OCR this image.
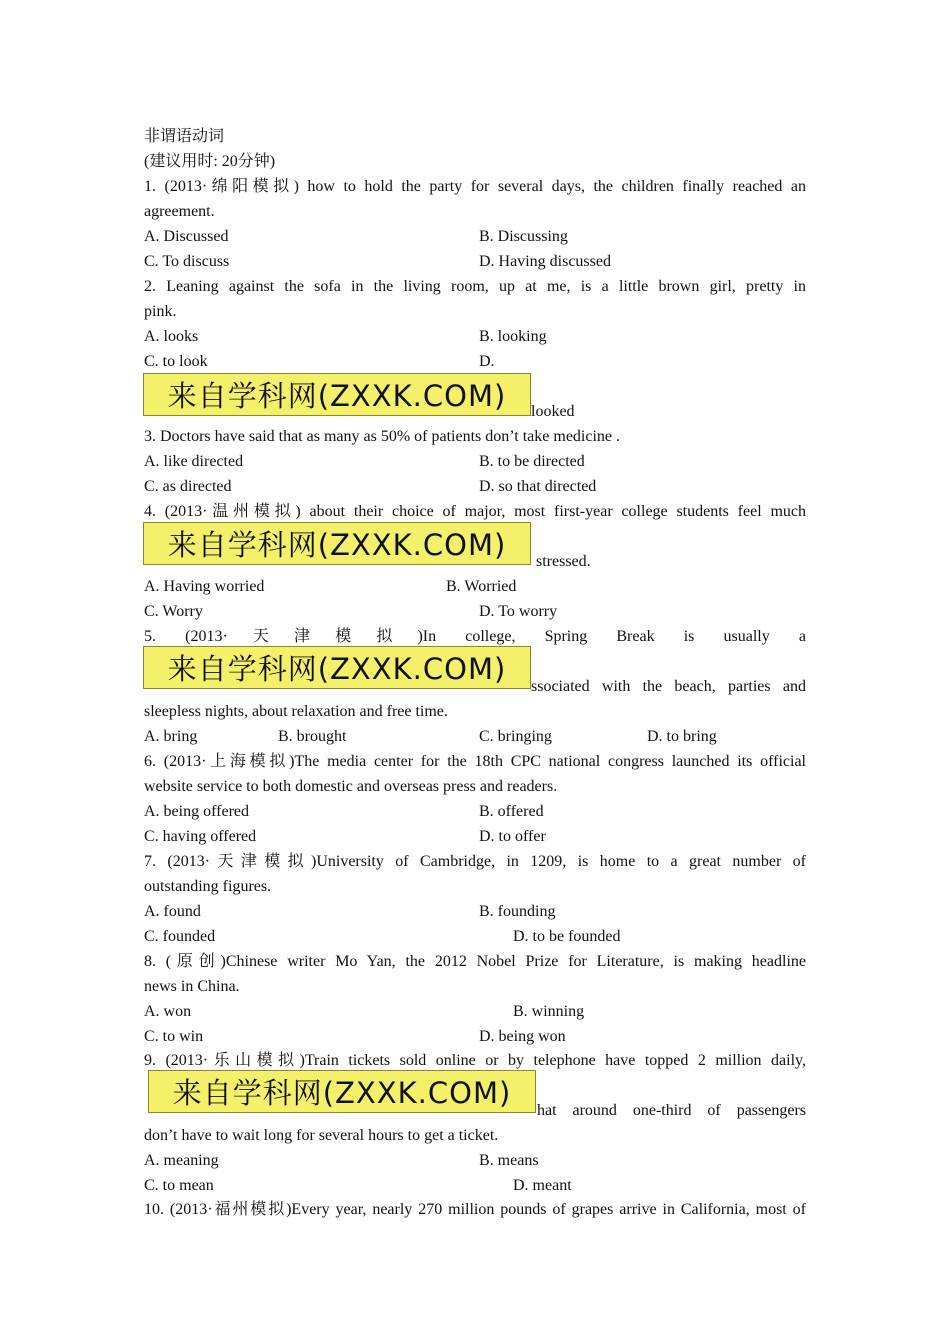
非谓语动词
(建议用时: 20分钟)
1. (2013·绵阳模拟) how to hold the party for several days, the children finally reached an
agreement.
A. Discussed	B. Discussing
C. To discuss	D. Having discussed
2. Leaning against the sofa in the living room, up at me, is a little brown girl, pretty in
pink.
A. looks	B. looking
C. to look	D.
来自学科网(ZXXK.COM)	looked
3. Doctors have said that as many as 50% of patients don’t take medicine .
A. like directed	B. to be directed
C. as directed	D. so that directed
4. (2013·温州模拟) about their choice of major, most first-year college students feel much
来自学科网(ZXXK.COM)	stressed.
A. Having worried	B. Worried
C. Worry	D. To worry
5. (2013·天津模拟)In college, Spring Break is usually a
来自学科网(ZXXK.COM)
ssociated with the beach, parties and
sleepless nights, about relaxation and free time.
A. bring	B. brought	C. bringing	D. to bring
6. (2013·上海模拟)The media center for the 18th CPC national congress launched its official
website service to both domestic and overseas press and readers.
A. being offered	B. offered
C. having offered	D. to offer
7. (2013·天津模拟)University of Cambridge, in 1209, is home to a great number of
outstanding figures.
A. found	B. founding
C. founded	D. to be founded
8. (原创)Chinese writer Mo Yan, the 2012 Nobel Prize for Literature, is making headline
news in China.
A. won	B. winning
C. to win	D. being won
9. (2013·乐山模拟)Train tickets sold online or by telephone have topped 2 million daily,
来自学科网(ZXXK.COM)
hat around one-third of passengers
don’t have to wait long for several hours to get a ticket.
A. meaning	B. means
C. to mean	D. meant
10. (2013·福州模拟)Every year, nearly 270 million pounds of grapes arrive in California, most of
